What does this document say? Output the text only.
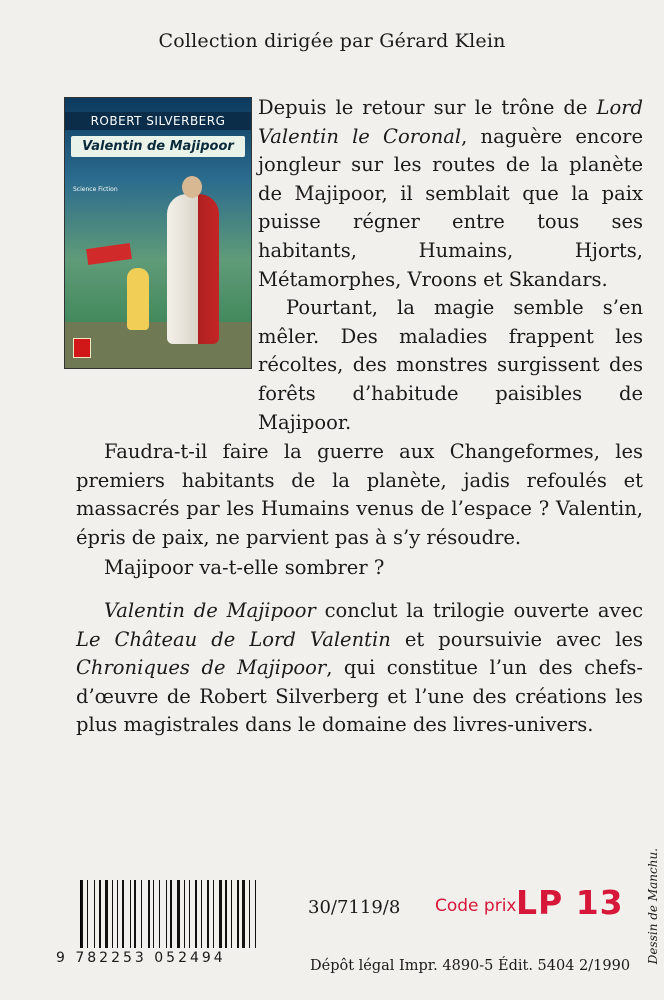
Collection dirigée par Gérard Klein
ROBERT SILVERBERG
Valentin de Majipoor
Science Fiction

Depuis le retour sur le trône de Lord Valentin le Coronal, naguère encore jongleur sur les routes de la planète de Majipoor, il semblait que la paix puisse régner entre tous ses habitants, Humains, Hjorts, Métamorphes, Vroons et Skandars.

Pourtant, la magie semble s’en mêler. Des maladies frappent les récoltes, des monstres surgissent des forêts d’habitude paisibles de Majipoor.

Faudra-t-il faire la guerre aux Changeformes, les premiers habitants de la planète, jadis refoulés et massacrés par les Humains venus de l’espace ? Valentin, épris de paix, ne parvient pas à s’y résoudre.

Majipoor va-t-elle sombrer ?

Valentin de Majipoor conclut la trilogie ouverte avec Le Château de Lord Valentin et poursuivie avec les Chroniques de Majipoor, qui constitue l’un des chefs-d’œuvre de Robert Silverberg et l’une des créations les plus magistrales dans le domaine des livres-univers.

9 782253 052494
30/7119/8 Code prix LP 13
Dépôt légal Impr. 4890-5 Édit. 5404 2/1990
Dessin de Manchu.
